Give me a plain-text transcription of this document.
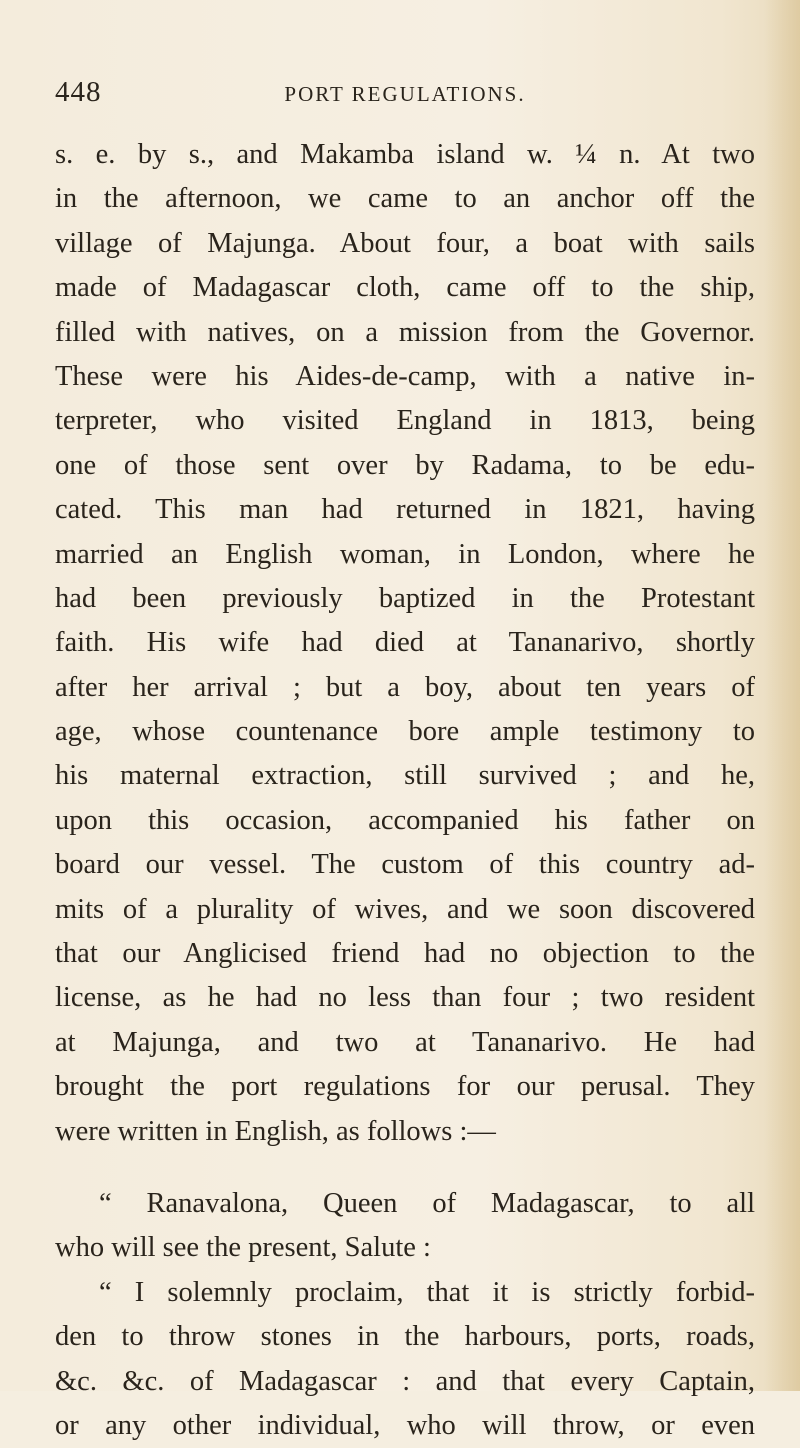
448	PORT REGULATIONS.
s. e. by s., and Makamba island w. ¼ n. At two
in the afternoon, we came to an anchor off the
village of Majunga. About four, a boat with sails
made of Madagascar cloth, came off to the ship,
filled with natives, on a mission from the Governor.
These were his Aides-de-camp, with a native in-
terpreter, who visited England in 1813, being
one of those sent over by Radama, to be edu-
cated. This man had returned in 1821, having
married an English woman, in London, where he
had been previously baptized in the Protestant
faith. His wife had died at Tananarivo, shortly
after her arrival ; but a boy, about ten years of
age, whose countenance bore ample testimony to
his maternal extraction, still survived ; and he,
upon this occasion, accompanied his father on
board our vessel. The custom of this country ad-
mits of a plurality of wives, and we soon discovered
that our Anglicised friend had no objection to the
license, as he had no less than four ; two resident
at Majunga, and two at Tananarivo. He had
brought the port regulations for our perusal. They
were written in English, as follows :—
“ Ranavalona, Queen of Madagascar, to all
who will see the present, Salute :
“ I solemnly proclaim, that it is strictly forbid-
den to throw stones in the harbours, ports, roads,
&c. &c. of Madagascar : and that every Captain,
or any other individual, who will throw, or even
